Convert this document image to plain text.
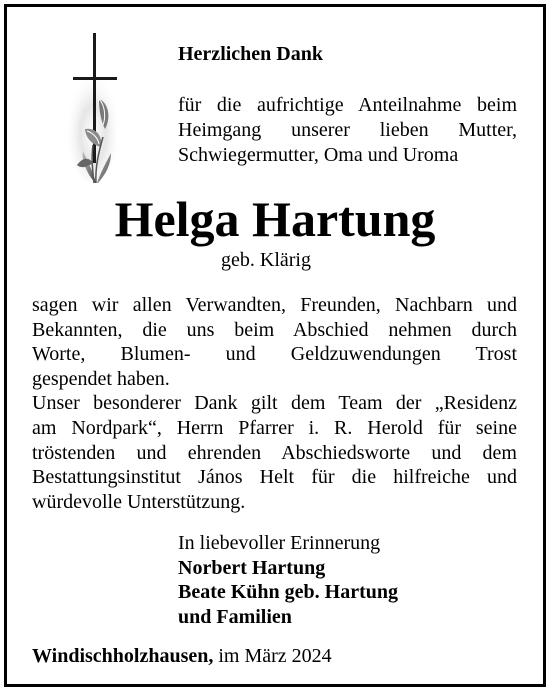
Herzlichen Dank

für die aufrichtige Anteilnahme beim
Heimgang unserer lieben Mutter,
Schwiegermutter, Oma und Uroma

Helga Hartung

geb. Klärig

sagen wir allen Verwandten, Freunden, Nachbarn und
Bekannten, die uns beim Abschied nehmen durch
Worte, Blumen- und Geldzuwendungen Trost
gespendet haben.
Unser besonderer Dank gilt dem Team der „Residenz
am Nordpark“, Herrn Pfarrer i. R. Herold für seine
tröstenden und ehrenden Abschiedsworte und dem
Bestattungsinstitut János Helt für die hilfreiche und
würdevolle Unterstützung.

In liebevoller Erinnerung
Norbert Hartung
Beate Kühn geb. Hartung
und Familien

Windischholzhausen, im März 2024
